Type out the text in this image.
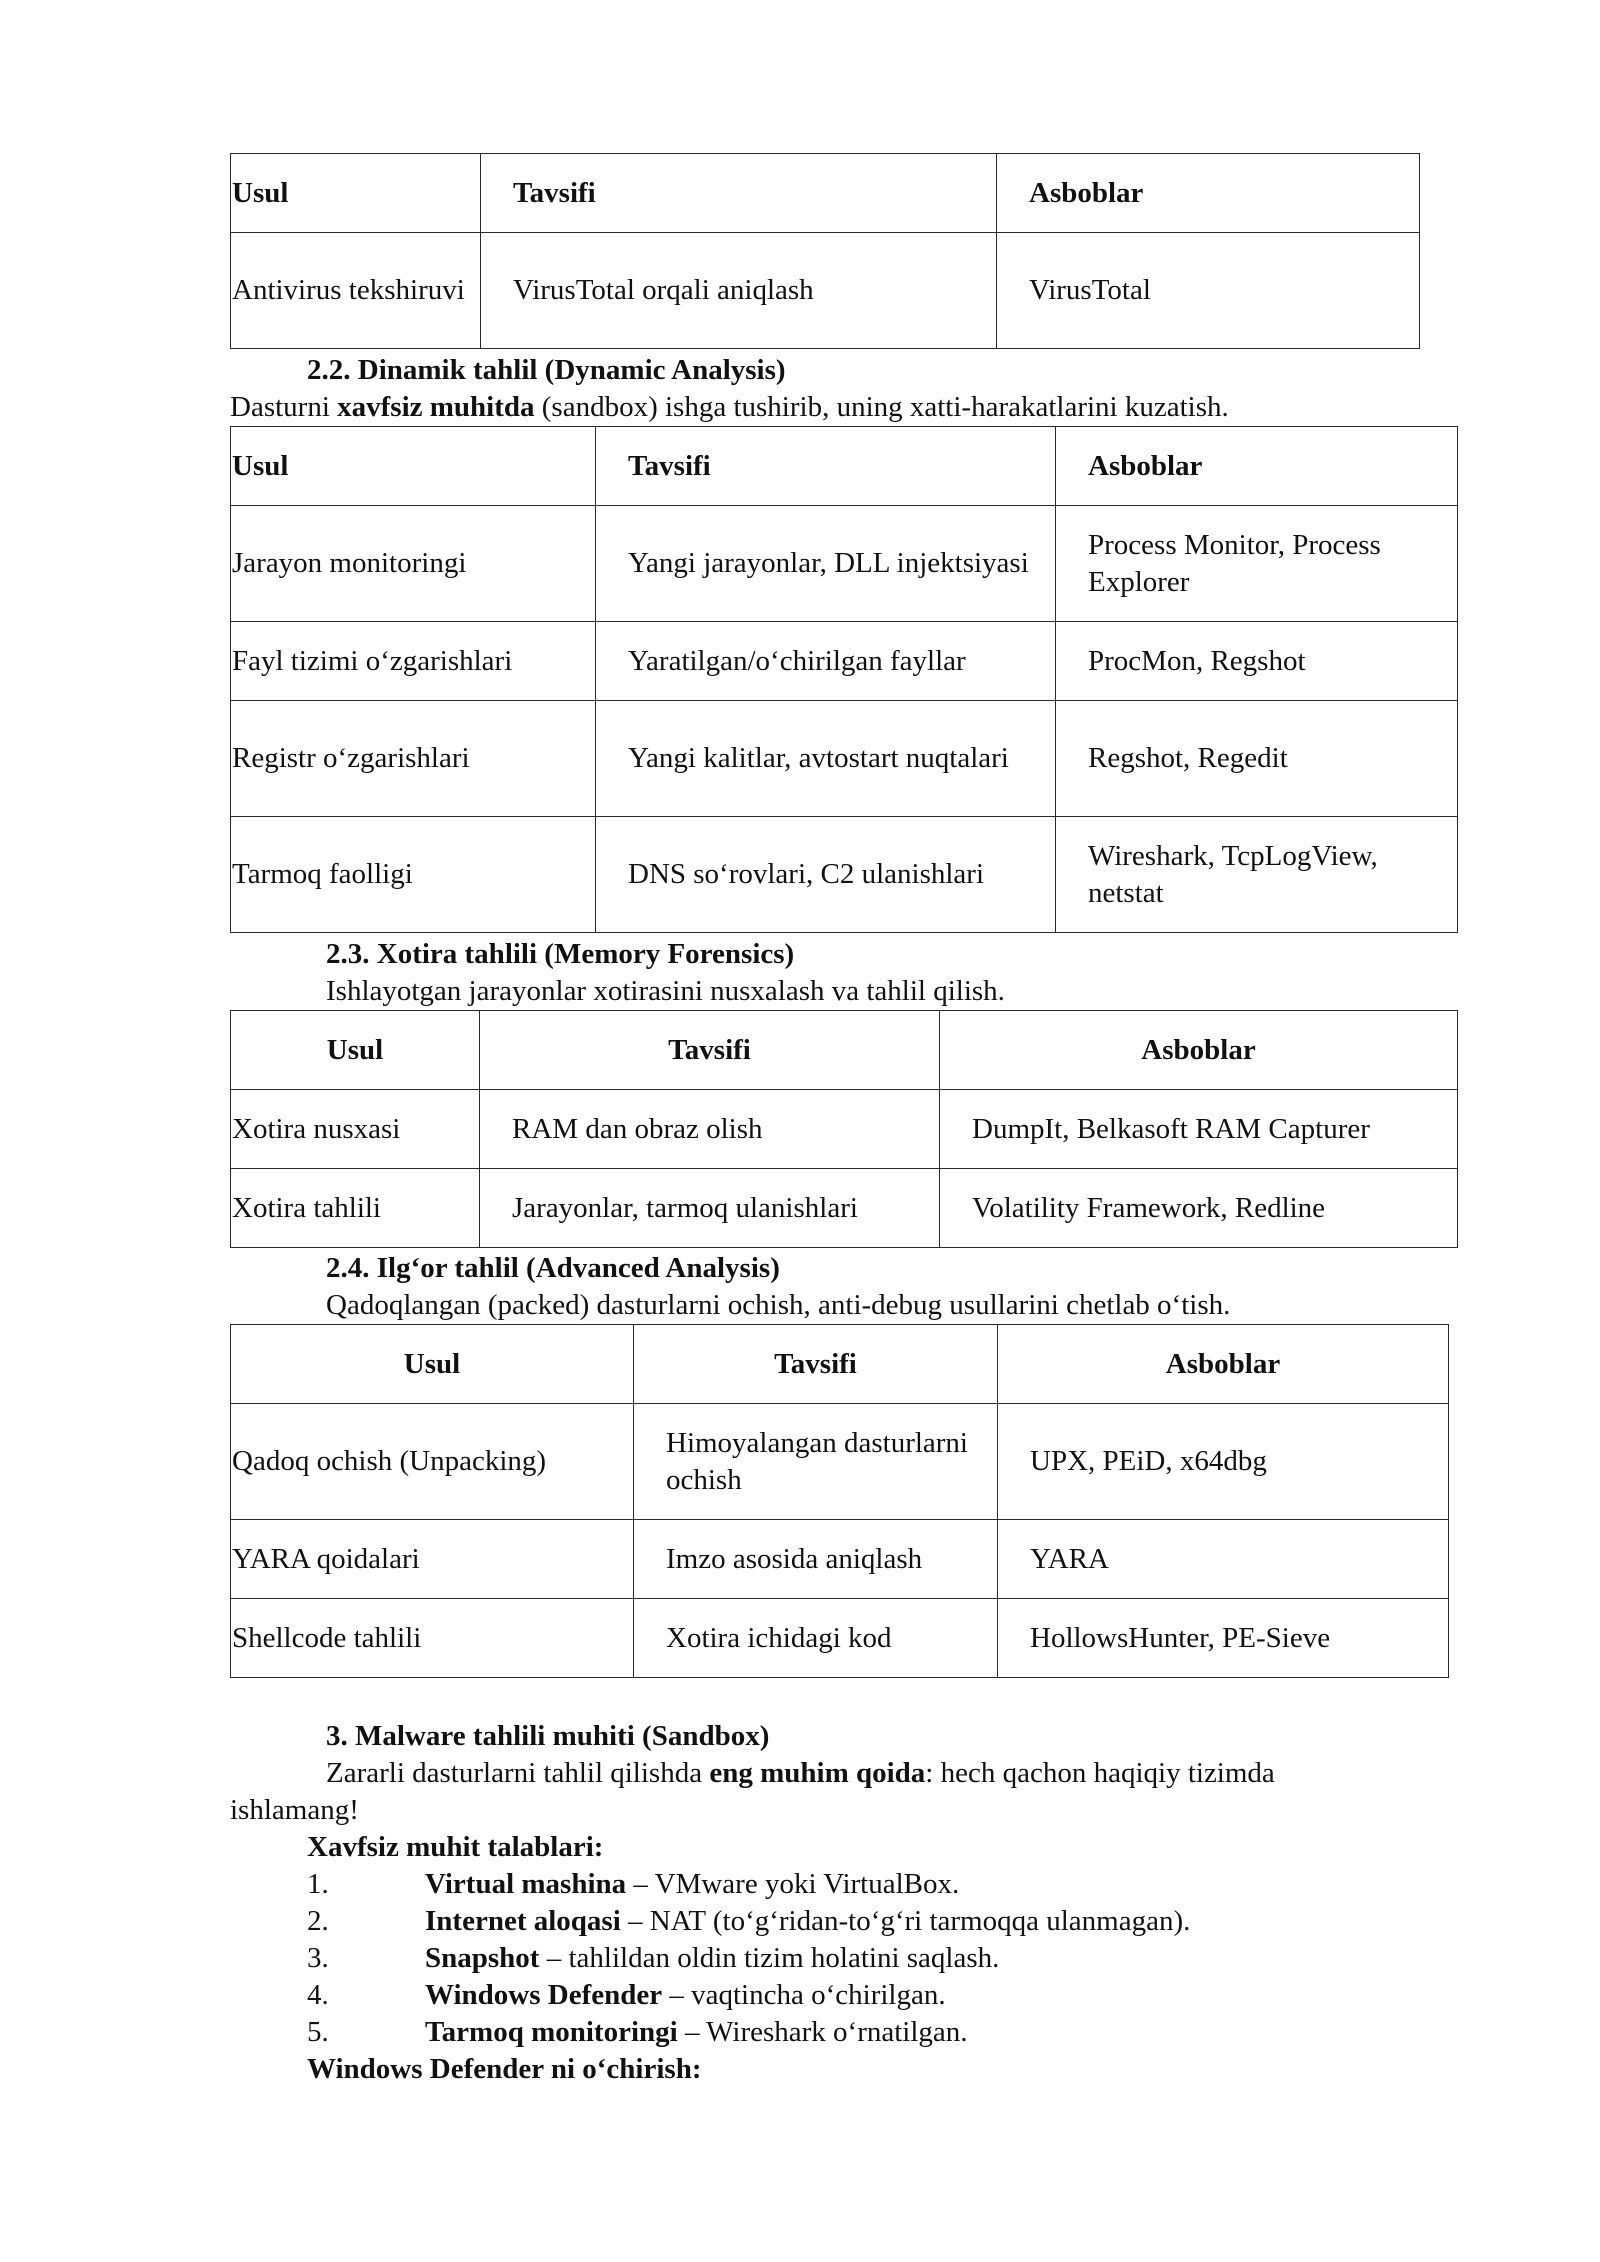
Usul	Tavsifi	Asboblar
Antivirus tekshiruvi	VirusTotal orqali aniqlash	VirusTotal
2.2. Dinamik tahlil (Dynamic Analysis)
Dasturni xavfsiz muhitda (sandbox) ishga tushirib, uning xatti-harakatlarini kuzatish.
Usul	Tavsifi	Asboblar
Jarayon monitoringi	Yangi jarayonlar, DLL injektsiyasi	Process Monitor, Process Explorer
Fayl tizimi o‘zgarishlari	Yaratilgan/o‘chirilgan fayllar	ProcMon, Regshot
Registr o‘zgarishlari	Yangi kalitlar, avtostart nuqtalari	Regshot, Regedit
Tarmoq faolligi	DNS so‘rovlari, C2 ulanishlari	Wireshark, TcpLogView, netstat
2.3. Xotira tahlili (Memory Forensics)
Ishlayotgan jarayonlar xotirasini nusxalash va tahlil qilish.
Usul	Tavsifi	Asboblar
Xotira nusxasi	RAM dan obraz olish	DumpIt, Belkasoft RAM Capturer
Xotira tahlili	Jarayonlar, tarmoq ulanishlari	Volatility Framework, Redline
2.4. Ilg‘or tahlil (Advanced Analysis)
Qadoqlangan (packed) dasturlarni ochish, anti-debug usullarini chetlab o‘tish.
Usul	Tavsifi	Asboblar
Qadoq ochish (Unpacking)	Himoyalangan dasturlarni ochish	UPX, PEiD, x64dbg
YARA qoidalari	Imzo asosida aniqlash	YARA
Shellcode tahlili	Xotira ichidagi kod	HollowsHunter, PE-Sieve
3. Malware tahlili muhiti (Sandbox)
Zararli dasturlarni tahlil qilishda eng muhim qoida: hech qachon haqiqiy tizimda
ishlamang!
Xavfsiz muhit talablari:
1.	Virtual mashina – VMware yoki VirtualBox.
2.	Internet aloqasi – NAT (to‘g‘ridan-to‘g‘ri tarmoqqa ulanmagan).
3.	Snapshot – tahlildan oldin tizim holatini saqlash.
4.	Windows Defender – vaqtincha o‘chirilgan.
5.	Tarmoq monitoringi – Wireshark o‘rnatilgan.
Windows Defender ni o‘chirish:
